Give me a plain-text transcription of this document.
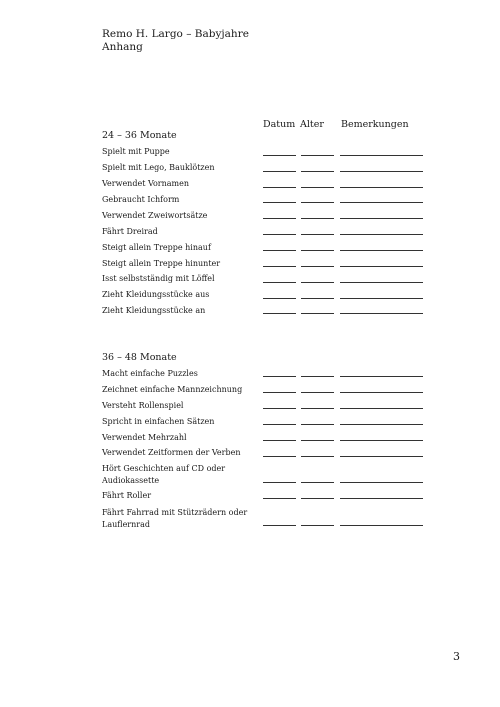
Remo H. Largo – Babyjahre
Anhang
Datum Alter Bemerkungen
24 – 36 Monate
Spielt mit Puppe
Spielt mit Lego, Bauklötzen
Verwendet Vornamen
Gebraucht Ichform
Verwendet Zweiwortsätze
Fährt Dreirad
Steigt allein Treppe hinauf
Steigt allein Treppe hinunter
Isst selbstständig mit Löffel
Zieht Kleidungsstücke aus
Zieht Kleidungsstücke an
36 – 48 Monate
Macht einfache Puzzles
Zeichnet einfache Mannzeichnung
Versteht Rollenspiel
Spricht in einfachen Sätzen
Verwendet Mehrzahl
Verwendet Zeitformen der Verben
Hört Geschichten auf CD oder Audiokassette
Fährt Roller
Fährt Fahrrad mit Stützrädern oder Lauflernrad
3
